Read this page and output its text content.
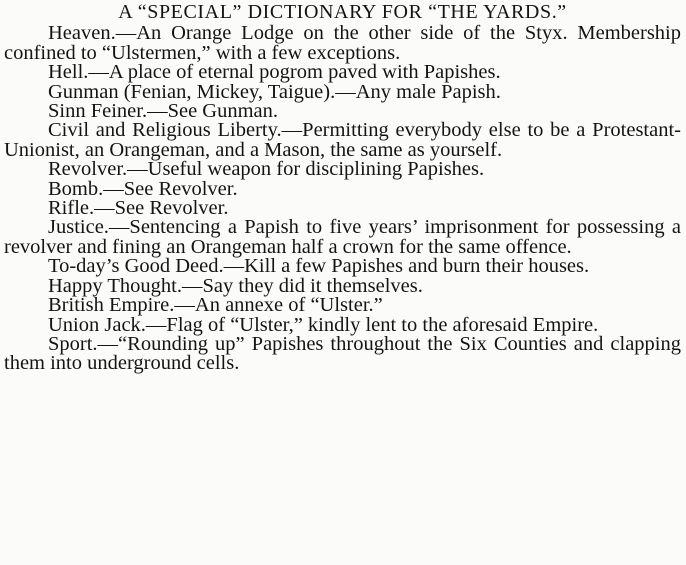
A “SPECIAL” DICTIONARY FOR “THE YARDS.”

Heaven.—An Orange Lodge on the other side of the Styx. Membership confined to “Ulstermen,” with a few exceptions.

Hell.—A place of eternal pogrom paved with Papishes.

Gunman (Fenian, Mickey, Taigue).—Any male Papish.

Sinn Feiner.—See Gunman.

Civil and Religious Liberty.—Permitting everybody else to be a Protestant-Unionist, an Orangeman, and a Mason, the same as yourself.

Revolver.—Useful weapon for disciplining Papishes.

Bomb.—See Revolver.

Rifle.—See Revolver.

Justice.—Sentencing a Papish to five years’ imprisonment for possessing a revolver and fining an Orangeman half a crown for the same offence.

To-day’s Good Deed.—Kill a few Papishes and burn their houses.

Happy Thought.—Say they did it themselves.

British Empire.—An annexe of “Ulster.”

Union Jack.—Flag of “Ulster,” kindly lent to the aforesaid Empire.

Sport.—“Rounding up” Papishes throughout the Six Counties and clapping them into underground cells.
